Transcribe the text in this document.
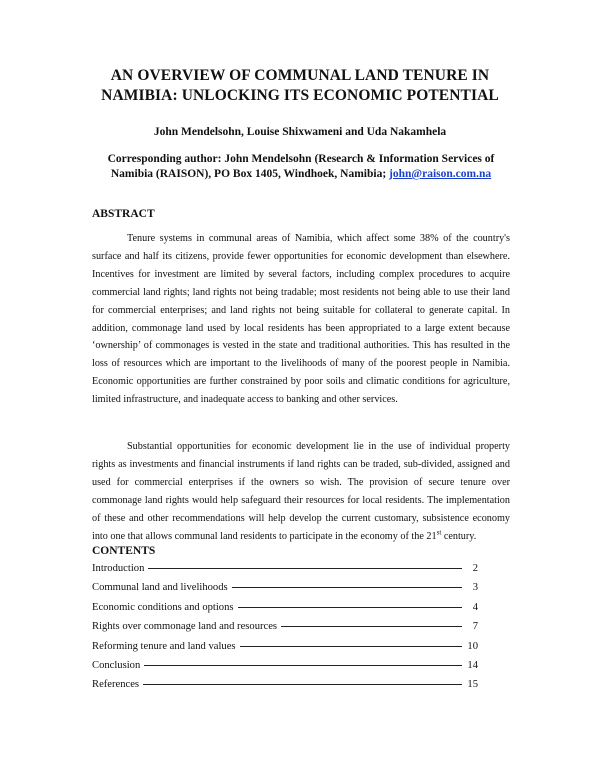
AN OVERVIEW OF COMMUNAL LAND TENURE IN
NAMIBIA: UNLOCKING ITS ECONOMIC POTENTIAL
John Mendelsohn, Louise Shixwameni and Uda Nakamhela
Corresponding author: John Mendelsohn (Research & Information Services of Namibia (RAISON), PO Box 1405, Windhoek, Namibia; john@raison.com.na
ABSTRACT
Tenure systems in communal areas of Namibia, which affect some 38% of the country's surface and half its citizens, provide fewer opportunities for economic development than elsewhere. Incentives for investment are limited by several factors, including complex procedures to acquire commercial land rights; land rights not being tradable; most residents not being able to use their land for commercial enterprises; and land rights not being suitable for collateral to generate capital. In addition, commonage land used by local residents has been appropriated to a large extent because ‘ownership’ of commonages is vested in the state and traditional authorities. This has resulted in the loss of resources which are important to the livelihoods of many of the poorest people in Namibia. Economic opportunities are further constrained by poor soils and climatic conditions for agriculture, limited infrastructure, and inadequate access to banking and other services.
Substantial opportunities for economic development lie in the use of individual property rights as investments and financial instruments if land rights can be traded, sub-divided, assigned and used for commercial enterprises if the owners so wish. The provision of secure tenure over commonage land rights would help safeguard their resources for local residents. The implementation of these and other recommendations will help develop the current customary, subsistence economy into one that allows communal land residents to participate in the economy of the 21st century.
CONTENTS
Introduction	2
Communal land and livelihoods	3
Economic conditions and options	4
Rights over commonage land and resources	7
Reforming tenure and land values	10
Conclusion	14
References	15
